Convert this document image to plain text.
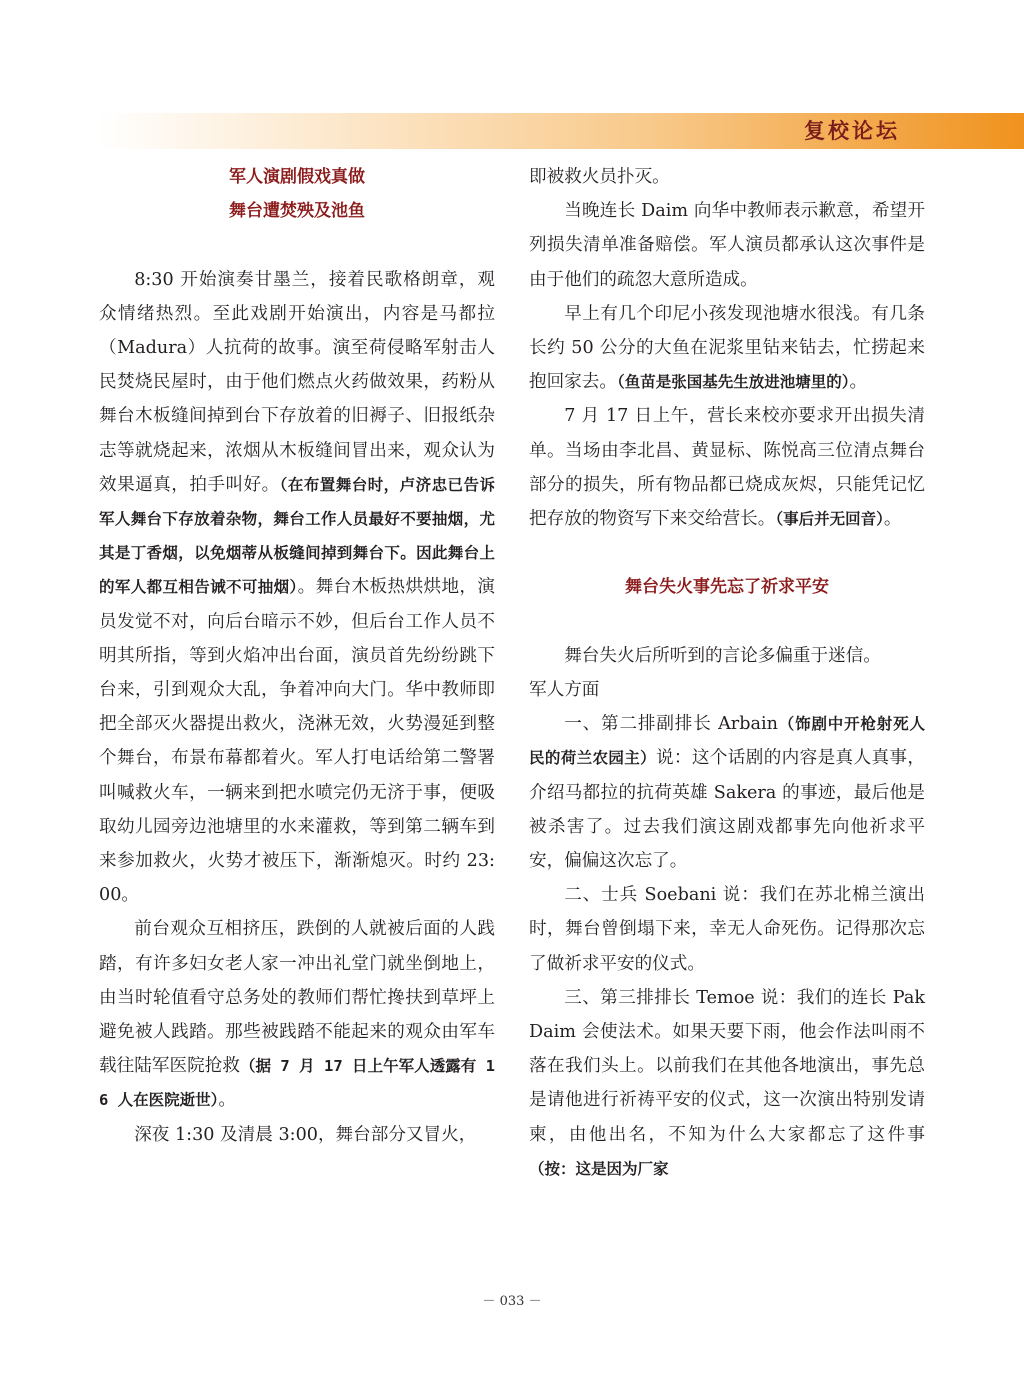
复校论坛
军人演剧假戏真做
舞台遭焚殃及池鱼

8:30 开始演奏甘墨兰，接着民歌格朗章，观众情绪热烈。至此戏剧开始演出，内容是马都拉（Madura）人抗荷的故事。演至荷侵略军射击人民焚烧民屋时，由于他们燃点火药做效果，药粉从舞台木板缝间掉到台下存放着的旧褥子、旧报纸杂志等就烧起来，浓烟从木板缝间冒出来，观众认为效果逼真，拍手叫好。（在布置舞台时，卢济忠已告诉军人舞台下存放着杂物，舞台工作人员最好不要抽烟，尤其是丁香烟，以免烟蒂从板缝间掉到舞台下。因此舞台上的军人都互相告诫不可抽烟）。舞台木板热烘烘地，演员发觉不对，向后台暗示不妙，但后台工作人员不明其所指，等到火焰冲出台面，演员首先纷纷跳下台来，引到观众大乱，争着冲向大门。华中教师即把全部灭火器提出救火，浇淋无效，火势漫延到整个舞台，布景布幕都着火。军人打电话给第二警署叫喊救火车，一辆来到把水喷完仍无济于事，便吸取幼儿园旁边池塘里的水来灌救，等到第二辆车到来参加救火，火势才被压下，渐渐熄灭。时约 23:00。

前台观众互相挤压，跌倒的人就被后面的人践踏，有许多妇女老人家一冲出礼堂门就坐倒地上，由当时轮值看守总务处的教师们帮忙搀扶到草坪上避免被人践踏。那些被践踏不能起来的观众由军车载往陆军医院抢救（据 7 月 17 日上午军人透露有 16 人在医院逝世）。

深夜 1:30 及清晨 3:00，舞台部分又冒火，

即被救火员扑灭。

当晚连长 Daim 向华中教师表示歉意，希望开列损失清单准备赔偿。军人演员都承认这次事件是由于他们的疏忽大意所造成。

早上有几个印尼小孩发现池塘水很浅。有几条长约 50 公分的大鱼在泥浆里钻来钻去，忙捞起来抱回家去。（鱼苗是张国基先生放进池塘里的）。

7 月 17 日上午，营长来校亦要求开出损失清单。当场由李北昌、黄显标、陈悦高三位清点舞台部分的损失，所有物品都已烧成灰烬，只能凭记忆把存放的物资写下来交给营长。（事后并无回音）。

舞台失火事先忘了祈求平安

舞台失火后所听到的言论多偏重于迷信。

军人方面

一、第二排副排长 Arbain（饰剧中开枪射死人民的荷兰农园主）说：这个话剧的内容是真人真事，介绍马都拉的抗荷英雄 Sakera 的事迹，最后他是被杀害了。过去我们演这剧戏都事先向他祈求平安，偏偏这次忘了。

二、士兵 Soebani 说：我们在苏北棉兰演出时，舞台曾倒塌下来，幸无人命死伤。记得那次忘了做祈求平安的仪式。

三、第三排排长 Temoe 说：我们的连长 Pak Daim 会使法术。如果天要下雨，他会作法叫雨不落在我们头上。以前我们在其他各地演出，事先总是请他进行祈祷平安的仪式，这一次演出特别发请柬，由他出名，不知为什么大家都忘了这件事（按：这是因为厂家

－ 033 －
